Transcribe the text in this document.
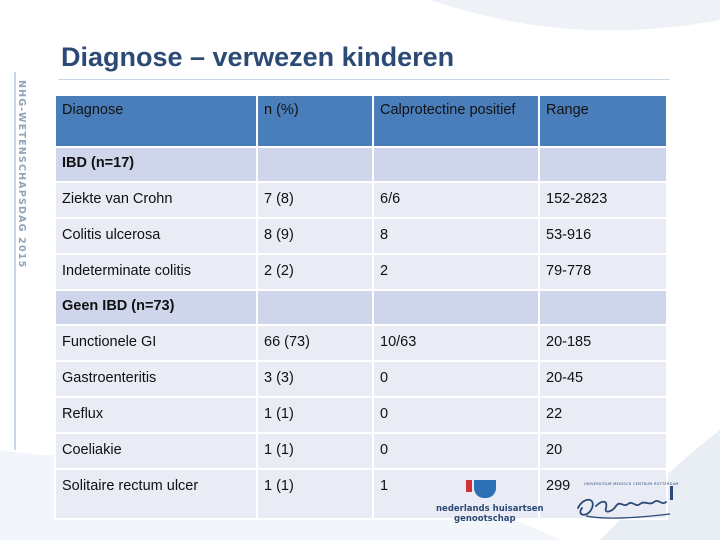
NHG-WETENSCHAPSDAG 2015
Diagnose – verwezen kinderen
Diagnose	n (%)	Calprotectine positief	Range
IBD (n=17)			
Ziekte van Crohn	7 (8)	6/6	152-2823
Colitis ulcerosa	8 (9)	8	53-916
Indeterminate colitis	2 (2)	2	79-778
Geen IBD (n=73)			
Functionele GI	66 (73)	10/63	20-185
Gastroenteritis	3 (3)	0	20-45
Reflux	1 (1)	0	22
Coeliakie	1 (1)	0	20
Solitaire rectum ulcer	1 (1)	1	299
nederlands huisartsen
genootschap
UNIVERSITAIR MEDISCH CENTRUM ROTTERDAM
